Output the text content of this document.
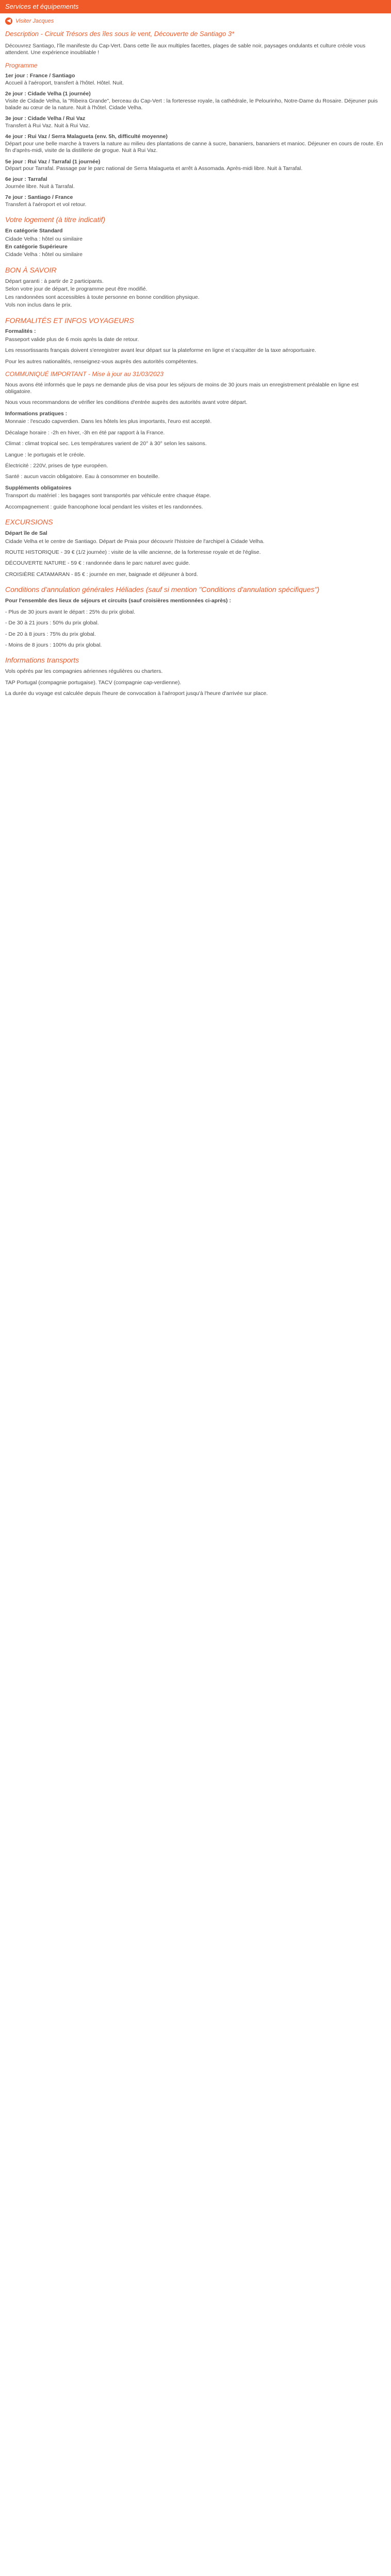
Services et équipements
◀ Visiter Jacques
Description - Circuit Trésors des îles sous le vent, Découverte de Santiago 3*

Découvrez Santiago, l'île manifeste du Cap-Vert. Dans cette île aux multiples facettes, plages de sable noir, paysages ondulants et culture créole vous attendent. Une expérience inoubliable !

Programme
1er jour : France / Santiago
Accueil à l'aéroport, transfert à l'hôtel. Hôtel. Nuit.
2e jour : Cidade Velha (1 journée)
Visite de Cidade Velha, la "Ribeira Grande", berceau du Cap-Vert : la forteresse royale, la cathédrale, le Pelourinho, Notre-Dame du Rosaire. Déjeuner puis balade au cœur de la nature. Nuit à l'hôtel. Cidade Velha.
3e jour : Cidade Velha / Rui Vaz
Transfert à Rui Vaz. Nuit à Rui Vaz.
4e jour : Rui Vaz / Serra Malagueta (env. 5h, difficulté moyenne)
Départ pour une belle marche à travers la nature au milieu des plantations de canne à sucre, bananiers, bananiers et manioc. Déjeuner en cours de route. En fin d'après-midi, visite de la distillerie de grogue. Nuit à Rui Vaz.
5e jour : Rui Vaz / Tarrafal (1 journée)
Départ pour Tarrafal. Passage par le parc national de Serra Malagueta et arrêt à Assomada. Après-midi libre. Nuit à Tarrafal.
6e jour : Tarrafal
Journée libre. Nuit à Tarrafal.
7e jour : Santiago / France
Transfert à l'aéroport et vol retour.
Votre logement (à titre indicatif)
En catégorie Standard
Cidade Velha : hôtel ou similaire
En catégorie Supérieure
Cidade Velha : hôtel ou similaire
BON À SAVOIR
Départ garanti : à partir de 2 participants.
Selon votre jour de départ, le programme peut être modifié.
Les randonnées sont accessibles à toute personne en bonne condition physique.
Vols non inclus dans le prix.
FORMALITÉS ET INFOS VOYAGEURS
Formalités :

Passeport valide plus de 6 mois après la date de retour.

Les ressortissants français doivent s'enregistrer avant leur départ sur la plateforme en ligne et s'acquitter de la taxe aéroportuaire.

Pour les autres nationalités, renseignez-vous auprès des autorités compétentes.

COMMUNIQUÉ IMPORTANT - Mise à jour au 31/03/2023

Nous avons été informés que le pays ne demande plus de visa pour les séjours de moins de 30 jours mais un enregistrement préalable en ligne est obligatoire.

Nous vous recommandons de vérifier les conditions d'entrée auprès des autorités avant votre départ.

Informations pratiques :

Monnaie : l'escudo capverdien. Dans les hôtels les plus importants, l'euro est accepté.

Décalage horaire : -2h en hiver, -3h en été par rapport à la France.

Climat : climat tropical sec. Les températures varient de 20° à 30° selon les saisons.

Langue : le portugais et le créole.

Électricité : 220V, prises de type européen.

Santé : aucun vaccin obligatoire. Eau à consommer en bouteille.

Suppléments obligatoires

Transport du matériel : les bagages sont transportés par véhicule entre chaque étape.

Accompagnement : guide francophone local pendant les visites et les randonnées.

EXCURSIONS
Départ île de Sal

Cidade Velha et le centre de Santiago. Départ de Praia pour découvrir l'histoire de l'archipel à Cidade Velha.

ROUTE HISTORIQUE - 39 € (1/2 journée) : visite de la ville ancienne, de la forteresse royale et de l'église.

DÉCOUVERTE NATURE - 59 € : randonnée dans le parc naturel avec guide.

CROISIÈRE CATAMARAN - 85 € : journée en mer, baignade et déjeuner à bord.

Conditions d'annulation générales Héliades (sauf si mention "Conditions d'annulation spécifiques")

Pour l'ensemble des lieux de séjours et circuits (sauf croisières mentionnées ci-après) :

- Plus de 30 jours avant le départ : 25% du prix global.

- De 30 à 21 jours : 50% du prix global.

- De 20 à 8 jours : 75% du prix global.

- Moins de 8 jours : 100% du prix global.

Informations transports

Vols opérés par les compagnies aériennes régulières ou charters.

TAP Portugal (compagnie portugaise). TACV (compagnie cap-verdienne).

La durée du voyage est calculée depuis l'heure de convocation à l'aéroport jusqu'à l'heure d'arrivée sur place.
